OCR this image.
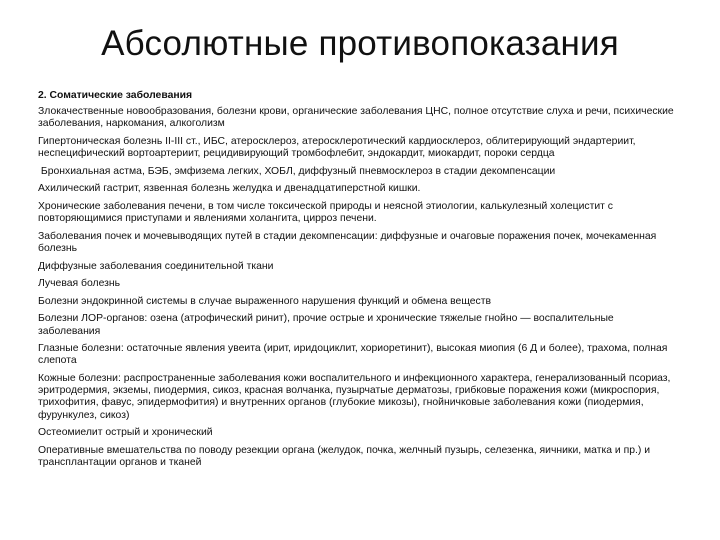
Абсолютные противопоказания
2. Соматические заболевания
Злокачественные новообразования, болезни крови, органические заболевания ЦНС, полное отсутствие слуха и речи, психические заболевания, наркомания, алкоголизм
Гипертоническая болезнь II-III ст., ИБС, атеросклероз, атеросклеротический кардиосклероз, облитерирующий эндартериит, неспецифический вортоартериит, рецидивирующий тромбофлебит, эндокардит, миокардит, пороки сердца
Бронхиальная астма, БЭБ, эмфизема легких, ХОБЛ, диффузный пневмосклероз в стадии декомпенсации
Ахилический гастрит, язвенная болезнь желудка и двенадцатиперстной кишки.
Хронические заболевания печени, в том числе токсической природы и неясной этиологии, калькулезный холецистит с повторяющимися приступами и явлениями холангита, цирроз печени.
Заболевания почек и мочевыводящих путей в стадии декомпенсации: диффузные и очаговые поражения почек, мочекаменная болезнь
Диффузные заболевания соединительной ткани
Лучевая болезнь
Болезни эндокринной системы в случае выраженного нарушения функций и обмена веществ
Болезни ЛОР-органов: озена (атрофический ринит), прочие острые и хронические тяжелые гнойно — воспалительные заболевания
Глазные болезни: остаточные явления увеита (ирит, иридоциклит, хориоретинит), высокая миопия (6 Д и более), трахома, полная слепота
Кожные болезни: распространенные заболевания кожи воспалительного и инфекционного характера, генерализованный псориаз, эритродермия, экземы, пиодермия, сикоз, красная волчанка, пузырчатые дерматозы, грибковые поражения кожи (микроспория, трихофития, фавус, эпидермофития) и внутренних органов (глубокие микозы), гнойничковые заболевания кожи (пиодермия, фурункулез, сикоз)
Остеомиелит острый и хронический
Оперативные вмешательства по поводу резекции органа (желудок, почка, желчный пузырь, селезенка, яичники, матка и пр.) и трансплантации органов и тканей
